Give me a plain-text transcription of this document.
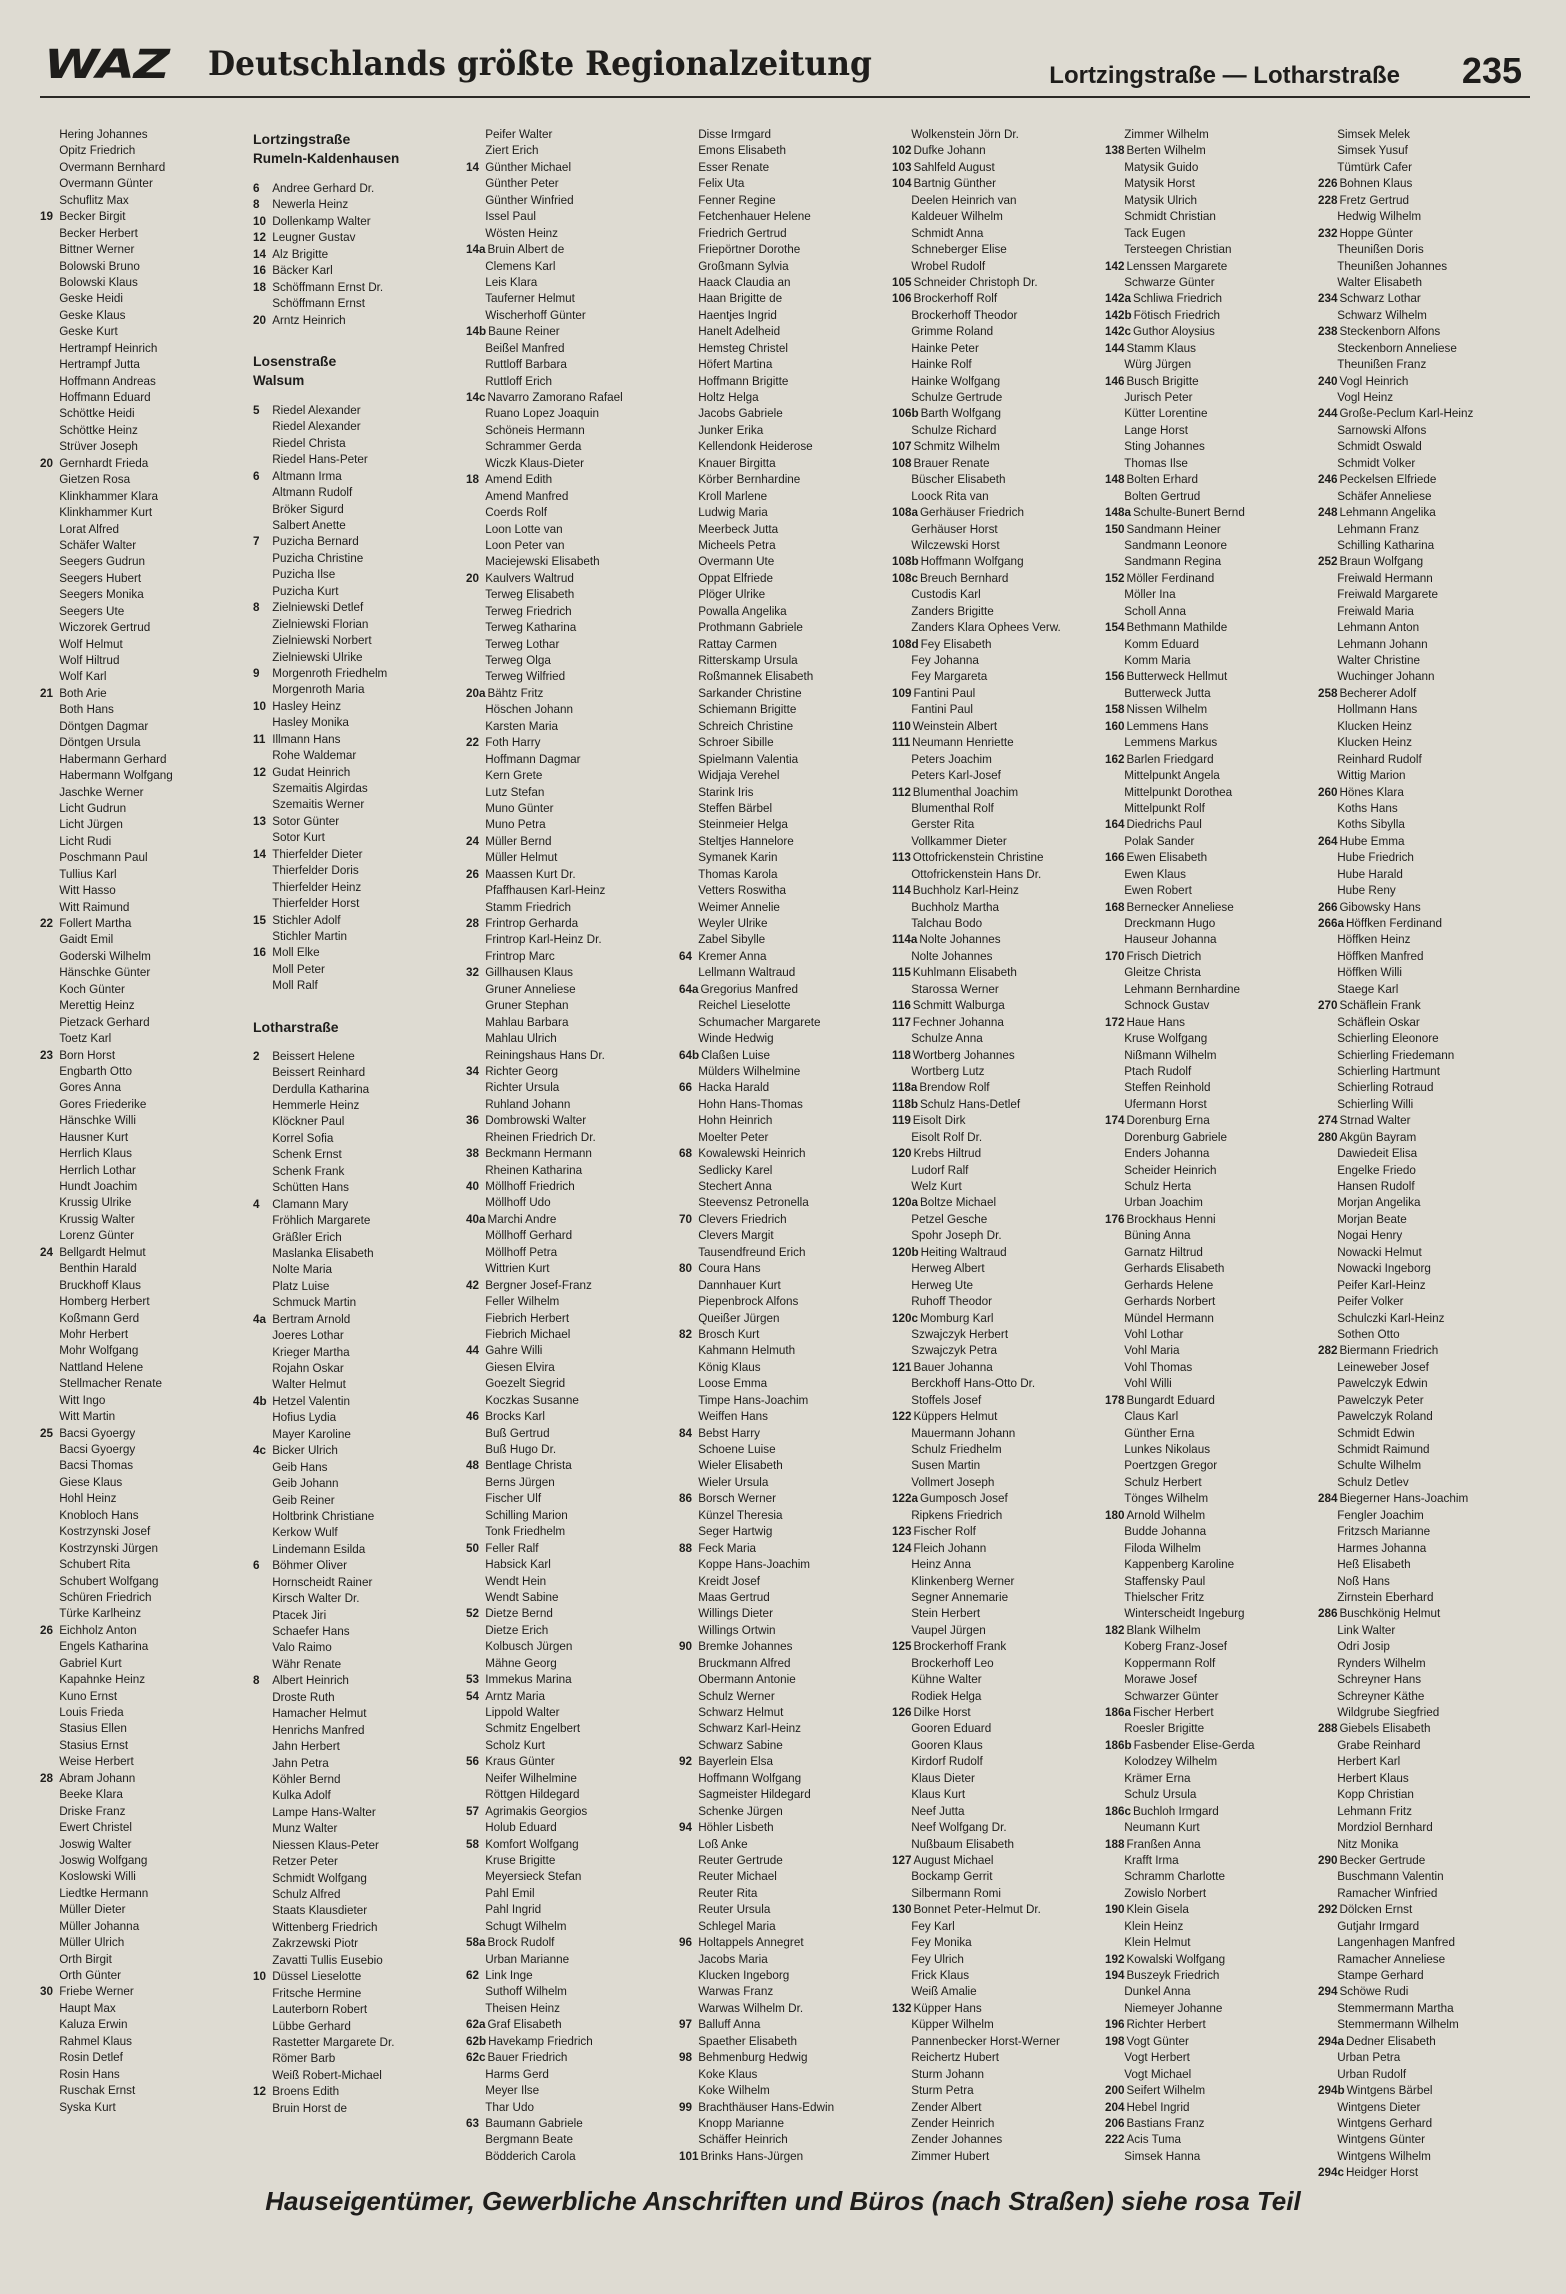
WAZ Deutschlands größte Regionalzeitung	Lortzingstraße — Lotharstraße 235
Hering Johannes
Opitz Friedrich
Overmann Bernhard
Overmann Günter
Schuflitz Max
19 Becker Birgit
Becker Herbert
Bittner Werner
Bolowski Bruno
Bolowski Klaus
Geske Heidi
Geske Klaus
Geske Kurt
Hertrampf Heinrich
Hertrampf Jutta
Hoffmann Andreas
Hoffmann Eduard
Schöttke Heidi
Schöttke Heinz
Strüver Joseph
20 Gernhardt Frieda
Gietzen Rosa
Klinkhammer Klara
Klinkhammer Kurt
Lorat Alfred
Schäfer Walter
Seegers Gudrun
Seegers Hubert
Seegers Monika
Seegers Ute
Wiczorek Gertrud
Wolf Helmut
Wolf Hiltrud
Wolf Karl
21 Both Arie
Both Hans
Döntgen Dagmar
Döntgen Ursula
Habermann Gerhard
Habermann Wolfgang
Jaschke Werner
Licht Gudrun
Licht Jürgen
Licht Rudi
Poschmann Paul
Tullius Karl
Witt Hasso
Witt Raimund
22 Follert Martha
Gaidt Emil
Goderski Wilhelm
Hänschke Günter
Koch Günter
Merettig Heinz
Pietzack Gerhard
Toetz Karl
23 Born Horst
Engbarth Otto
Gores Anna
Gores Friederike
Hänschke Willi
Hausner Kurt
Herrlich Klaus
Herrlich Lothar
Hundt Joachim
Krussig Ulrike
Krussig Walter
Lorenz Günter
24 Bellgardt Helmut
Benthin Harald
Bruckhoff Klaus
Homberg Herbert
Koßmann Gerd
Mohr Herbert
Mohr Wolfgang
Nattland Helene
Stellmacher Renate
Witt Ingo
Witt Martin
25 Bacsi Gyoergy
Bacsi Gyoergy
Bacsi Thomas
Giese Klaus
Hohl Heinz
Knobloch Hans
Kostrzynski Josef
Kostrzynski Jürgen
Schubert Rita
Schubert Wolfgang
Schüren Friedrich
Türke Karlheinz
26 Eichholz Anton
Engels Katharina
Gabriel Kurt
Kapahnke Heinz
Kuno Ernst
Louis Frieda
Stasius Ellen
Stasius Ernst
Weise Herbert
28 Abram Johann
Beeke Klara
Driske Franz
Ewert Christel
Joswig Walter
Joswig Wolfgang
Koslowski Willi
Liedtke Hermann
Müller Dieter
Müller Johanna
Müller Ulrich
Orth Birgit
Orth Günter
30 Friebe Werner
Haupt Max
Kaluza Erwin
Rahmel Klaus
Rosin Detlef
Rosin Hans
Ruschak Ernst
Syska Kurt
Lortzingstraße
Rumeln-Kaldenhausen
6 Andree Gerhard Dr.
8 Newerla Heinz
10 Dollenkamp Walter
12 Leugner Gustav
14 Alz Brigitte
16 Bäcker Karl
18 Schöffmann Ernst Dr.
Schöffmann Ernst
20 Arntz Heinrich
Losenstraße
Walsum
5 Riedel Alexander
Riedel Alexander
Riedel Christa
Riedel Hans-Peter
6 Altmann Irma
Altmann Rudolf
Bröker Sigurd
Salbert Anette
7 Puzicha Bernard
Puzicha Christine
Puzicha Ilse
Puzicha Kurt
8 Zielniewski Detlef
Zielniewski Florian
Zielniewski Norbert
Zielniewski Ulrike
9 Morgenroth Friedhelm
Morgenroth Maria
10 Hasley Heinz
Hasley Monika
11 Illmann Hans
Rohe Waldemar
12 Gudat Heinrich
Szemaitis Algirdas
Szemaitis Werner
13 Sotor Günter
Sotor Kurt
14 Thierfelder Dieter
Thierfelder Doris
Thierfelder Heinz
Thierfelder Horst
15 Stichler Adolf
Stichler Martin
16 Moll Elke
Moll Peter
Moll Ralf
Lotharstraße
2 Beissert Helene
Beissert Reinhard
Derdulla Katharina
Hemmerle Heinz
Klöckner Paul
Korrel Sofia
Schenk Ernst
Schenk Frank
Schütten Hans
4 Clamann Mary
Fröhlich Margarete
Gräßler Erich
Maslanka Elisabeth
Nolte Maria
Platz Luise
Schmuck Martin
4a Bertram Arnold
Joeres Lothar
Krieger Martha
Rojahn Oskar
Walter Helmut
4b Hetzel Valentin
Hofius Lydia
Mayer Karoline
4c Bicker Ulrich
Geib Hans
Geib Johann
Geib Reiner
Holtbrink Christiane
Kerkow Wulf
Lindemann Esilda
6 Böhmer Oliver
Hornscheidt Rainer
Kirsch Walter Dr.
Ptacek Jiri
Schaefer Hans
Valo Raimo
Währ Renate
8 Albert Heinrich
Droste Ruth
Hamacher Helmut
Henrichs Manfred
Jahn Herbert
Jahn Petra
Köhler Bernd
Kulka Adolf
Lampe Hans-Walter
Munz Walter
Niessen Klaus-Peter
Retzer Peter
Schmidt Wolfgang
Schulz Alfred
Staats Klausdieter
Wittenberg Friedrich
Zakrzewski Piotr
Zavatti Tullis Eusebio
10 Düssel Lieselotte
Fritsche Hermine
Lauterborn Robert
Lübbe Gerhard
Rastetter Margarete Dr.
Römer Barb
Weiß Robert-Michael
12 Broens Edith
Bruin Horst de
Peifer Walter
Ziert Erich
14 Günther Michael
Günther Peter
Günther Winfried
Issel Paul
Wösten Heinz
14a Bruin Albert de
Clemens Karl
Leis Klara
Tauferner Helmut
Wischerhoff Günter
14b Baune Reiner
Beißel Manfred
Ruttloff Barbara
Ruttloff Erich
14c Navarro Zamorano Rafael
Ruano Lopez Joaquin
Schöneis Hermann
Schrammer Gerda
Wiczk Klaus-Dieter
18 Amend Edith
Amend Manfred
Coerds Rolf
Loon Lotte van
Loon Peter van
Maciejewski Elisabeth
20 Kaulvers Waltrud
Terweg Elisabeth
Terweg Friedrich
Terweg Katharina
Terweg Lothar
Terweg Olga
Terweg Wilfried
20a Bähtz Fritz
Höschen Johann
Karsten Maria
22 Foth Harry
Hoffmann Dagmar
Kern Grete
Lutz Stefan
Muno Günter
Muno Petra
24 Müller Bernd
Müller Helmut
26 Maassen Kurt Dr.
Pfaffhausen Karl-Heinz
Stamm Friedrich
28 Frintrop Gerharda
Frintrop Karl-Heinz Dr.
Frintrop Marc
32 Gillhausen Klaus
Gruner Anneliese
Gruner Stephan
Mahlau Barbara
Mahlau Ulrich
Reiningshaus Hans Dr.
34 Richter Georg
Richter Ursula
Ruhland Johann
36 Dombrowski Walter
Rheinen Friedrich Dr.
38 Beckmann Hermann
Rheinen Katharina
40 Möllhoff Friedrich
Möllhoff Udo
40a Marchi Andre
Möllhoff Gerhard
Möllhoff Petra
Wittrien Kurt
42 Bergner Josef-Franz
Feller Wilhelm
Fiebrich Herbert
Fiebrich Michael
44 Gahre Willi
Giesen Elvira
Goezelt Siegrid
Koczkas Susanne
46 Brocks Karl
Buß Gertrud
Buß Hugo Dr.
48 Bentlage Christa
Berns Jürgen
Fischer Ulf
Schilling Marion
Tonk Friedhelm
50 Feller Ralf
Habsick Karl
Wendt Hein
Wendt Sabine
52 Dietze Bernd
Dietze Erich
Kolbusch Jürgen
Mähne Georg
53 Immekus Marina
54 Arntz Maria
Lippold Walter
Schmitz Engelbert
Scholz Kurt
56 Kraus Günter
Neifer Wilhelmine
Röttgen Hildegard
57 Agrimakis Georgios
Holub Eduard
58 Komfort Wolfgang
Kruse Brigitte
Meyersieck Stefan
Pahl Emil
Pahl Ingrid
Schugt Wilhelm
58a Brock Rudolf
Urban Marianne
62 Link Inge
Suthoff Wilhelm
Theisen Heinz
62a Graf Elisabeth
62b Havekamp Friedrich
62c Bauer Friedrich
Harms Gerd
Meyer Ilse
Thar Udo
63 Baumann Gabriele
Bergmann Beate
Bödderich Carola
Disse Irmgard
Emons Elisabeth
Esser Renate
Felix Uta
Fenner Regine
Fetchenhauer Helene
Friedrich Gertrud
Friepörtner Dorothe
Großmann Sylvia
Haack Claudia an
Haan Brigitte de
Haentjes Ingrid
Hanelt Adelheid
Hemsteg Christel
Höfert Martina
Hoffmann Brigitte
Holtz Helga
Jacobs Gabriele
Junker Erika
Kellendonk Heiderose
Knauer Birgitta
Körber Bernhardine
Kroll Marlene
Ludwig Maria
Meerbeck Jutta
Micheels Petra
Overmann Ute
Oppat Elfriede
Plöger Ulrike
Powalla Angelika
Prothmann Gabriele
Rattay Carmen
Ritterskamp Ursula
Roßmannek Elisabeth
Sarkander Christine
Schiemann Brigitte
Schreich Christine
Schroer Sibille
Spielmann Valentia
Widjaja Verehel
Starink Iris
Steffen Bärbel
Steinmeier Helga
Steltjes Hannelore
Symanek Karin
Thomas Karola
Vetters Roswitha
Weimer Annelie
Weyler Ulrike
Zabel Sibylle
64 Kremer Anna
Lellmann Waltraud
64a Gregorius Manfred
Reichel Lieselotte
Schumacher Margarete
Winde Hedwig
64b Claßen Luise
Mülders Wilhelmine
66 Hacka Harald
Hohn Hans-Thomas
Hohn Heinrich
Moelter Peter
68 Kowalewski Heinrich
Sedlicky Karel
Stechert Anna
Steevensz Petronella
70 Clevers Friedrich
Clevers Margit
Tausendfreund Erich
80 Coura Hans
Dannhauer Kurt
Piepenbrock Alfons
Queißer Jürgen
82 Brosch Kurt
Kahmann Helmuth
König Klaus
Loose Emma
Timpe Hans-Joachim
Weiffen Hans
84 Bebst Harry
Schoene Luise
Wieler Elisabeth
Wieler Ursula
86 Borsch Werner
Künzel Theresia
Seger Hartwig
88 Feck Maria
Koppe Hans-Joachim
Kreidt Josef
Maas Gertrud
Willings Dieter
Willings Ortwin
90 Bremke Johannes
Bruckmann Alfred
Obermann Antonie
Schulz Werner
Schwarz Helmut
Schwarz Karl-Heinz
Schwarz Sabine
92 Bayerlein Elsa
Hoffmann Wolfgang
Sagmeister Hildegard
Schenke Jürgen
94 Höhler Lisbeth
Loß Anke
Reuter Gertrude
Reuter Michael
Reuter Rita
Reuter Ursula
Schlegel Maria
96 Holtappels Annegret
Jacobs Maria
Klucken Ingeborg
Warwas Franz
Warwas Wilhelm Dr.
97 Balluff Anna
Spaether Elisabeth
98 Behmenburg Hedwig
Koke Klaus
Koke Wilhelm
99 Brachthäuser Hans-Edwin
Knopp Marianne
Schäffer Heinrich
101 Brinks Hans-Jürgen
Wolkenstein Jörn Dr.
102 Dufke Johann
103 Sahlfeld August
104 Bartnig Günther
Deelen Heinrich van
Kaldeuer Wilhelm
Schmidt Anna
Schneberger Elise
Wrobel Rudolf
105 Schneider Christoph Dr.
106 Brockerhoff Rolf
Brockerhoff Theodor
Grimme Roland
Hainke Peter
Hainke Rolf
Hainke Wolfgang
Schulze Gertrude
106b Barth Wolfgang
Schulze Richard
107 Schmitz Wilhelm
108 Brauer Renate
Büscher Elisabeth
Loock Rita van
108a Gerhäuser Friedrich
Gerhäuser Horst
Wilczewski Horst
108b Hoffmann Wolfgang
108c Breuch Bernhard
Custodis Karl
Zanders Brigitte
Zanders Klara Ophees Verw.
108d Fey Elisabeth
Fey Johanna
Fey Margareta
109 Fantini Paul
Fantini Paul
110 Weinstein Albert
111 Neumann Henriette
Peters Joachim
Peters Karl-Josef
112 Blumenthal Joachim
Blumenthal Rolf
Gerster Rita
Vollkammer Dieter
113 Ottofrickenstein Christine
Ottofrickenstein Hans Dr.
114 Buchholz Karl-Heinz
Buchholz Martha
Talchau Bodo
114a Nolte Johannes
Nolte Johannes
115 Kuhlmann Elisabeth
Starossa Werner
116 Schmitt Walburga
117 Fechner Johanna
Schulze Anna
118 Wortberg Johannes
Wortberg Lutz
118a Brendow Rolf
118b Schulz Hans-Detlef
119 Eisolt Dirk
Eisolt Rolf Dr.
120 Krebs Hiltrud
Ludorf Ralf
Welz Kurt
120a Boltze Michael
Petzel Gesche
Spohr Joseph Dr.
120b Heiting Waltraud
Herweg Albert
Herweg Ute
Ruhoff Theodor
120c Momburg Karl
Szwajczyk Herbert
Szwajczyk Petra
121 Bauer Johanna
Berckhoff Hans-Otto Dr.
Stoffels Josef
122 Küppers Helmut
Mauermann Johann
Schulz Friedhelm
Susen Martin
Vollmert Joseph
122a Gumposch Josef
Ripkens Friedrich
123 Fischer Rolf
124 Fleich Johann
Heinz Anna
Klinkenberg Werner
Segner Annemarie
Stein Herbert
Vaupel Jürgen
125 Brockerhoff Frank
Brockerhoff Leo
Kühne Walter
Rodiek Helga
126 Dilke Horst
Gooren Eduard
Gooren Klaus
Kirdorf Rudolf
Klaus Dieter
Klaus Kurt
Neef Jutta
Neef Wolfgang Dr.
Nußbaum Elisabeth
127 August Michael
Bockamp Gerrit
Silbermann Romi
130 Bonnet Peter-Helmut Dr.
Fey Karl
Fey Monika
Fey Ulrich
Frick Klaus
Weiß Amalie
132 Küpper Hans
Küpper Wilhelm
Pannenbecker Horst-Werner
Reichertz Hubert
Sturm Johann
Sturm Petra
Zender Albert
Zender Heinrich
Zender Johannes
Zimmer Hubert
Zimmer Wilhelm
138 Berten Wilhelm
Matysik Guido
Matysik Horst
Matysik Ulrich
Schmidt Christian
Tack Eugen
Tersteegen Christian
142 Lenssen Margarete
Schwarze Günter
142a Schliwa Friedrich
142b Fötisch Friedrich
142c Guthor Aloysius
144 Stamm Klaus
Würg Jürgen
146 Busch Brigitte
Jurisch Peter
Kütter Lorentine
Lange Horst
Sting Johannes
Thomas Ilse
148 Bolten Erhard
Bolten Gertrud
148a Schulte-Bunert Bernd
150 Sandmann Heiner
Sandmann Leonore
Sandmann Regina
152 Möller Ferdinand
Möller Ina
Scholl Anna
154 Bethmann Mathilde
Komm Eduard
Komm Maria
156 Butterweck Hellmut
Butterweck Jutta
158 Nissen Wilhelm
160 Lemmens Hans
Lemmens Markus
162 Barlen Friedgard
Mittelpunkt Angela
Mittelpunkt Dorothea
Mittelpunkt Rolf
164 Diedrichs Paul
Polak Sander
166 Ewen Elisabeth
Ewen Klaus
Ewen Robert
168 Bernecker Anneliese
Dreckmann Hugo
Hauseur Johanna
170 Frisch Dietrich
Gleitze Christa
Lehmann Bernhardine
Schnock Gustav
172 Haue Hans
Kruse Wolfgang
Nißmann Wilhelm
Ptach Rudolf
Steffen Reinhold
Ufermann Horst
174 Dorenburg Erna
Dorenburg Gabriele
Enders Johanna
Scheider Heinrich
Schulz Herta
Urban Joachim
176 Brockhaus Henni
Büning Anna
Garnatz Hiltrud
Gerhards Elisabeth
Gerhards Helene
Gerhards Norbert
Mündel Hermann
Vohl Lothar
Vohl Maria
Vohl Thomas
Vohl Willi
178 Bungardt Eduard
Claus Karl
Günther Erna
Lunkes Nikolaus
Poertzgen Gregor
Schulz Herbert
Tönges Wilhelm
180 Arnold Wilhelm
Budde Johanna
Filoda Wilhelm
Kappenberg Karoline
Staffensky Paul
Thielscher Fritz
Winterscheidt Ingeburg
182 Blank Wilhelm
Koberg Franz-Josef
Koppermann Rolf
Morawe Josef
Schwarzer Günter
186a Fischer Herbert
Roesler Brigitte
186b Fasbender Elise-Gerda
Kolodzey Wilhelm
Krämer Erna
Schulz Ursula
186c Buchloh Irmgard
Neumann Kurt
188 Franßen Anna
Krafft Irma
Schramm Charlotte
Zowislo Norbert
190 Klein Gisela
Klein Heinz
Klein Helmut
192 Kowalski Wolfgang
194 Buszeyk Friedrich
Dunkel Anna
Niemeyer Johanne
196 Richter Herbert
198 Vogt Günter
Vogt Herbert
Vogt Michael
200 Seifert Wilhelm
204 Hebel Ingrid
206 Bastians Franz
222 Acis Tuma
Simsek Hanna
Simsek Melek
Simsek Yusuf
Tümtürk Cafer
226 Bohnen Klaus
228 Fretz Gertrud
Hedwig Wilhelm
232 Hoppe Günter
Theunißen Doris
Theunißen Johannes
Walter Elisabeth
234 Schwarz Lothar
Schwarz Wilhelm
238 Steckenborn Alfons
Steckenborn Anneliese
Theunißen Franz
240 Vogl Heinrich
Vogl Heinz
244 Große-Peclum Karl-Heinz
Sarnowski Alfons
Schmidt Oswald
Schmidt Volker
246 Peckelsen Elfriede
Schäfer Anneliese
248 Lehmann Angelika
Lehmann Franz
Schilling Katharina
252 Braun Wolfgang
Freiwald Hermann
Freiwald Margarete
Freiwald Maria
Lehmann Anton
Lehmann Johann
Walter Christine
Wuchinger Johann
258 Becherer Adolf
Hollmann Hans
Klucken Heinz
Klucken Heinz
Reinhard Rudolf
Wittig Marion
260 Hönes Klara
Koths Hans
Koths Sibylla
264 Hube Emma
Hube Friedrich
Hube Harald
Hube Reny
266 Gibowsky Hans
266a Höffken Ferdinand
Höffken Heinz
Höffken Manfred
Höffken Willi
Staege Karl
270 Schäflein Frank
Schäflein Oskar
Schierling Eleonore
Schierling Friedemann
Schierling Hartmunt
Schierling Rotraud
Schierling Willi
274 Strnad Walter
280 Akgün Bayram
Dawiedeit Elisa
Engelke Friedo
Hansen Rudolf
Morjan Angelika
Morjan Beate
Nogai Henry
Nowacki Helmut
Nowacki Ingeborg
Peifer Karl-Heinz
Peifer Volker
Schulczki Karl-Heinz
Sothen Otto
282 Biermann Friedrich
Leineweber Josef
Pawelczyk Edwin
Pawelczyk Peter
Pawelczyk Roland
Schmidt Edwin
Schmidt Raimund
Schulte Wilhelm
Schulz Detlev
284 Biegerner Hans-Joachim
Fengler Joachim
Fritzsch Marianne
Harmes Johanna
Heß Elisabeth
Noß Hans
Zirnstein Eberhard
286 Buschkönig Helmut
Link Walter
Odri Josip
Rynders Wilhelm
Schreyner Hans
Schreyner Käthe
Wildgrube Siegfried
288 Giebels Elisabeth
Grabe Reinhard
Herbert Karl
Herbert Klaus
Kopp Christian
Lehmann Fritz
Mordziol Bernhard
Nitz Monika
290 Becker Gertrude
Buschmann Valentin
Ramacher Winfried
292 Dölcken Ernst
Gutjahr Irmgard
Langenhagen Manfred
Ramacher Anneliese
Stampe Gerhard
294 Schöwe Rudi
Stemmermann Martha
Stemmermann Wilhelm
294a Dedner Elisabeth
Urban Petra
Urban Rudolf
294b Wintgens Bärbel
Wintgens Dieter
Wintgens Gerhard
Wintgens Günter
Wintgens Wilhelm
294c Heidger Horst
Hauseigentümer, Gewerbliche Anschriften und Büros (nach Straßen) siehe rosa Teil
